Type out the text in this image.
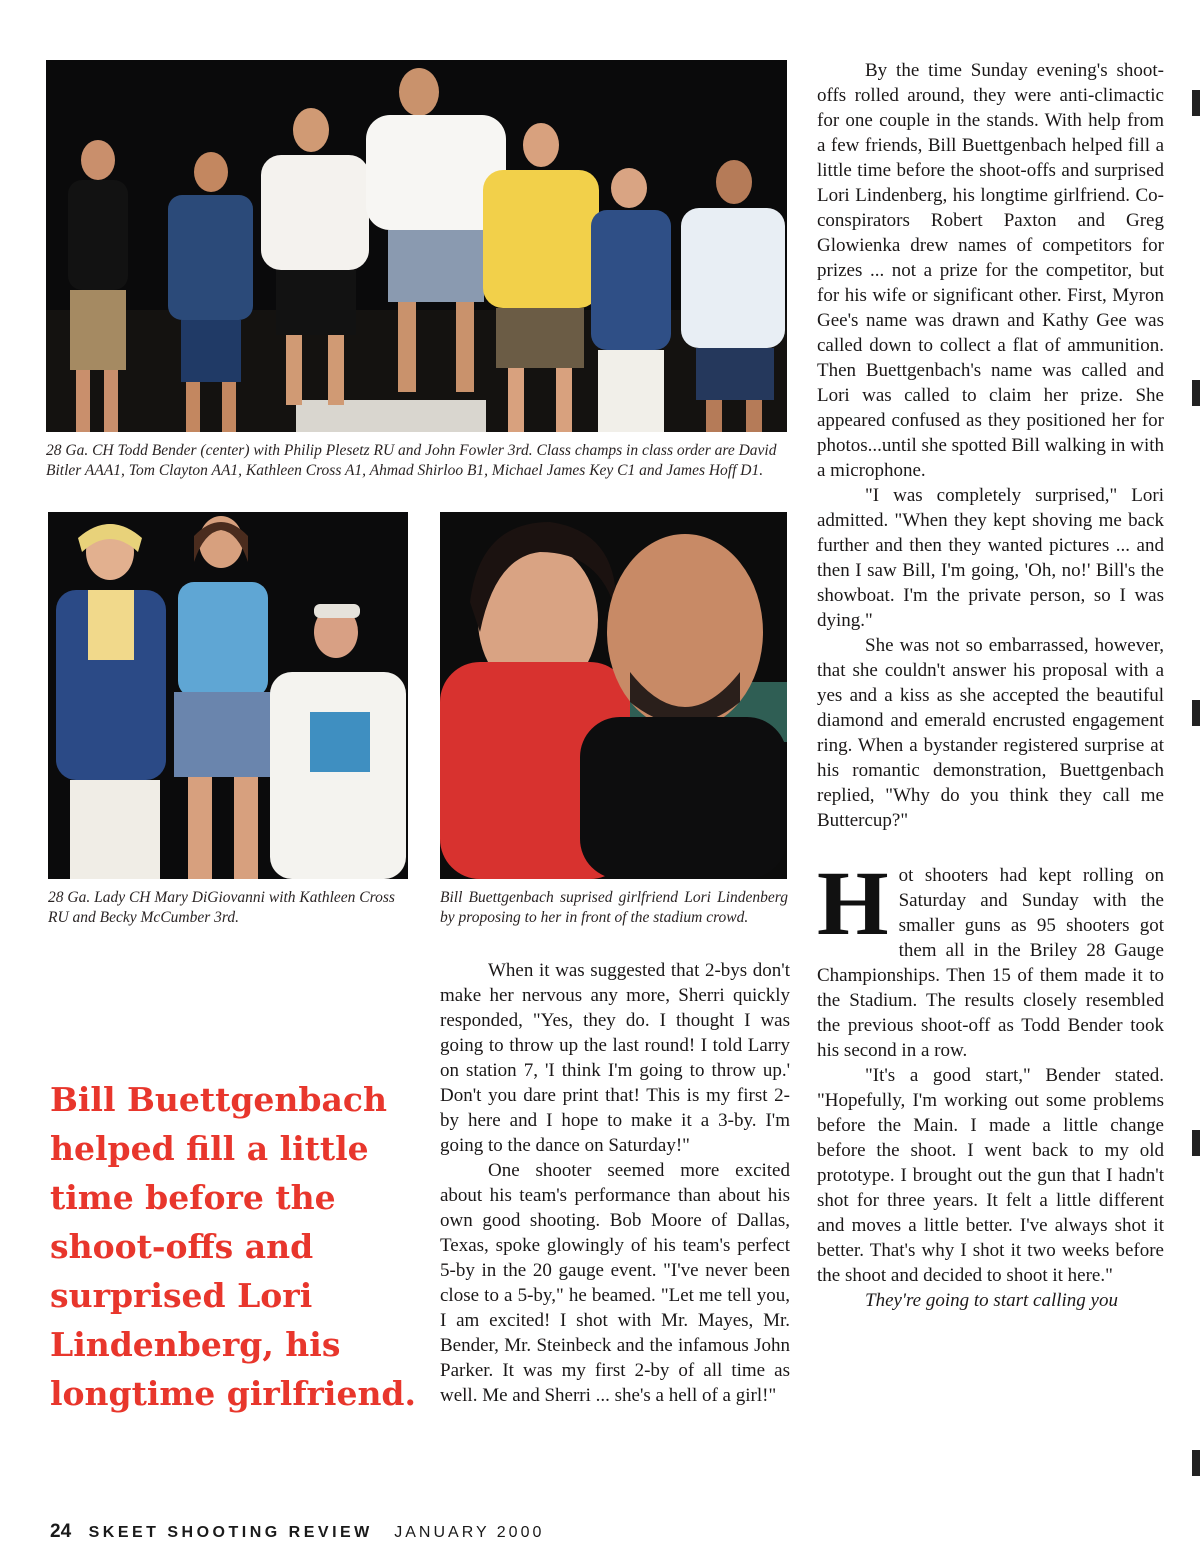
28 Ga. CH Todd Bender (center) with Philip Plesetz RU and John Fowler 3rd. Class champs in class order are David Bitler AAA1, Tom Clayton AA1, Kathleen Cross A1, Ahmad Shirloo B1, Michael James Key C1 and James Hoff D1.
28 Ga. Lady CH Mary DiGiovanni with Kathleen Cross RU and Becky McCumber 3rd.
Bill Buettgenbach suprised girlfriend Lori Lindenberg by proposing to her in front of the stadium crowd.
Bill Buettgenbach helped fill a little time before the shoot-offs and surprised Lori Lindenberg, his longtime girlfriend.

When it was suggested that 2-bys don't make her nervous any more, Sherri quickly responded, "Yes, they do. I thought I was going to throw up the last round! I told Larry on station 7, 'I think I'm going to throw up.' Don't you dare print that! This is my first 2-by here and I hope to make it a 3-by. I'm going to the dance on Saturday!"

One shooter seemed more excited about his team's performance than about his own good shooting. Bob Moore of Dallas, Texas, spoke glowingly of his team's perfect 5-by in the 20 gauge event. "I've never been close to a 5-by," he beamed. "Let me tell you, I am excited! I shot with Mr. Mayes, Mr. Bender, Mr. Steinbeck and the infamous John Parker. It was my first 2-by of all time as well. Me and Sherri ... she's a hell of a girl!"

By the time Sunday evening's shoot-offs rolled around, they were anti-climactic for one couple in the stands. With help from a few friends, Bill Buettgenbach helped fill a little time before the shoot-offs and surprised Lori Lindenberg, his longtime girlfriend. Co-conspirators Robert Paxton and Greg Glowienka drew names of competitors for prizes ... not a prize for the competitor, but for his wife or significant other. First, Myron Gee's name was drawn and Kathy Gee was called down to collect a flat of ammunition. Then Buettgenbach's name was called and Lori was called to claim her prize. She appeared confused as they positioned her for photos...until she spotted Bill walking in with a microphone.

"I was completely surprised," Lori admitted. "When they kept shoving me back further and then they wanted pictures ... and then I saw Bill, I'm going, 'Oh, no!' Bill's the showboat. I'm the private person, so I was dying."

She was not so embarrassed, however, that she couldn't answer his proposal with a yes and a kiss as she accepted the beautiful diamond and emerald encrusted engagement ring. When a bystander registered surprise at his romantic demonstration, Buettgenbach replied, "Why do you think they call me Buttercup?"

Hot shooters had kept rolling on Saturday and Sunday with the smaller guns as 95 shooters got them all in the Briley 28 Gauge Championships. Then 15 of them made it to the Stadium. The results closely resembled the previous shoot-off as Todd Bender took his second in a row.

"It's a good start," Bender stated. "Hopefully, I'm working out some problems before the Main. I made a little change before the shoot. I went back to my old prototype. I brought out the gun that I hadn't shot for three years. It felt a little different and moves a little better. I've always shot it better. That's why I shot it two weeks before the shoot and decided to shoot it here."

They're going to start calling you

24 SKEET SHOOTING REVIEW JANUARY 2000
